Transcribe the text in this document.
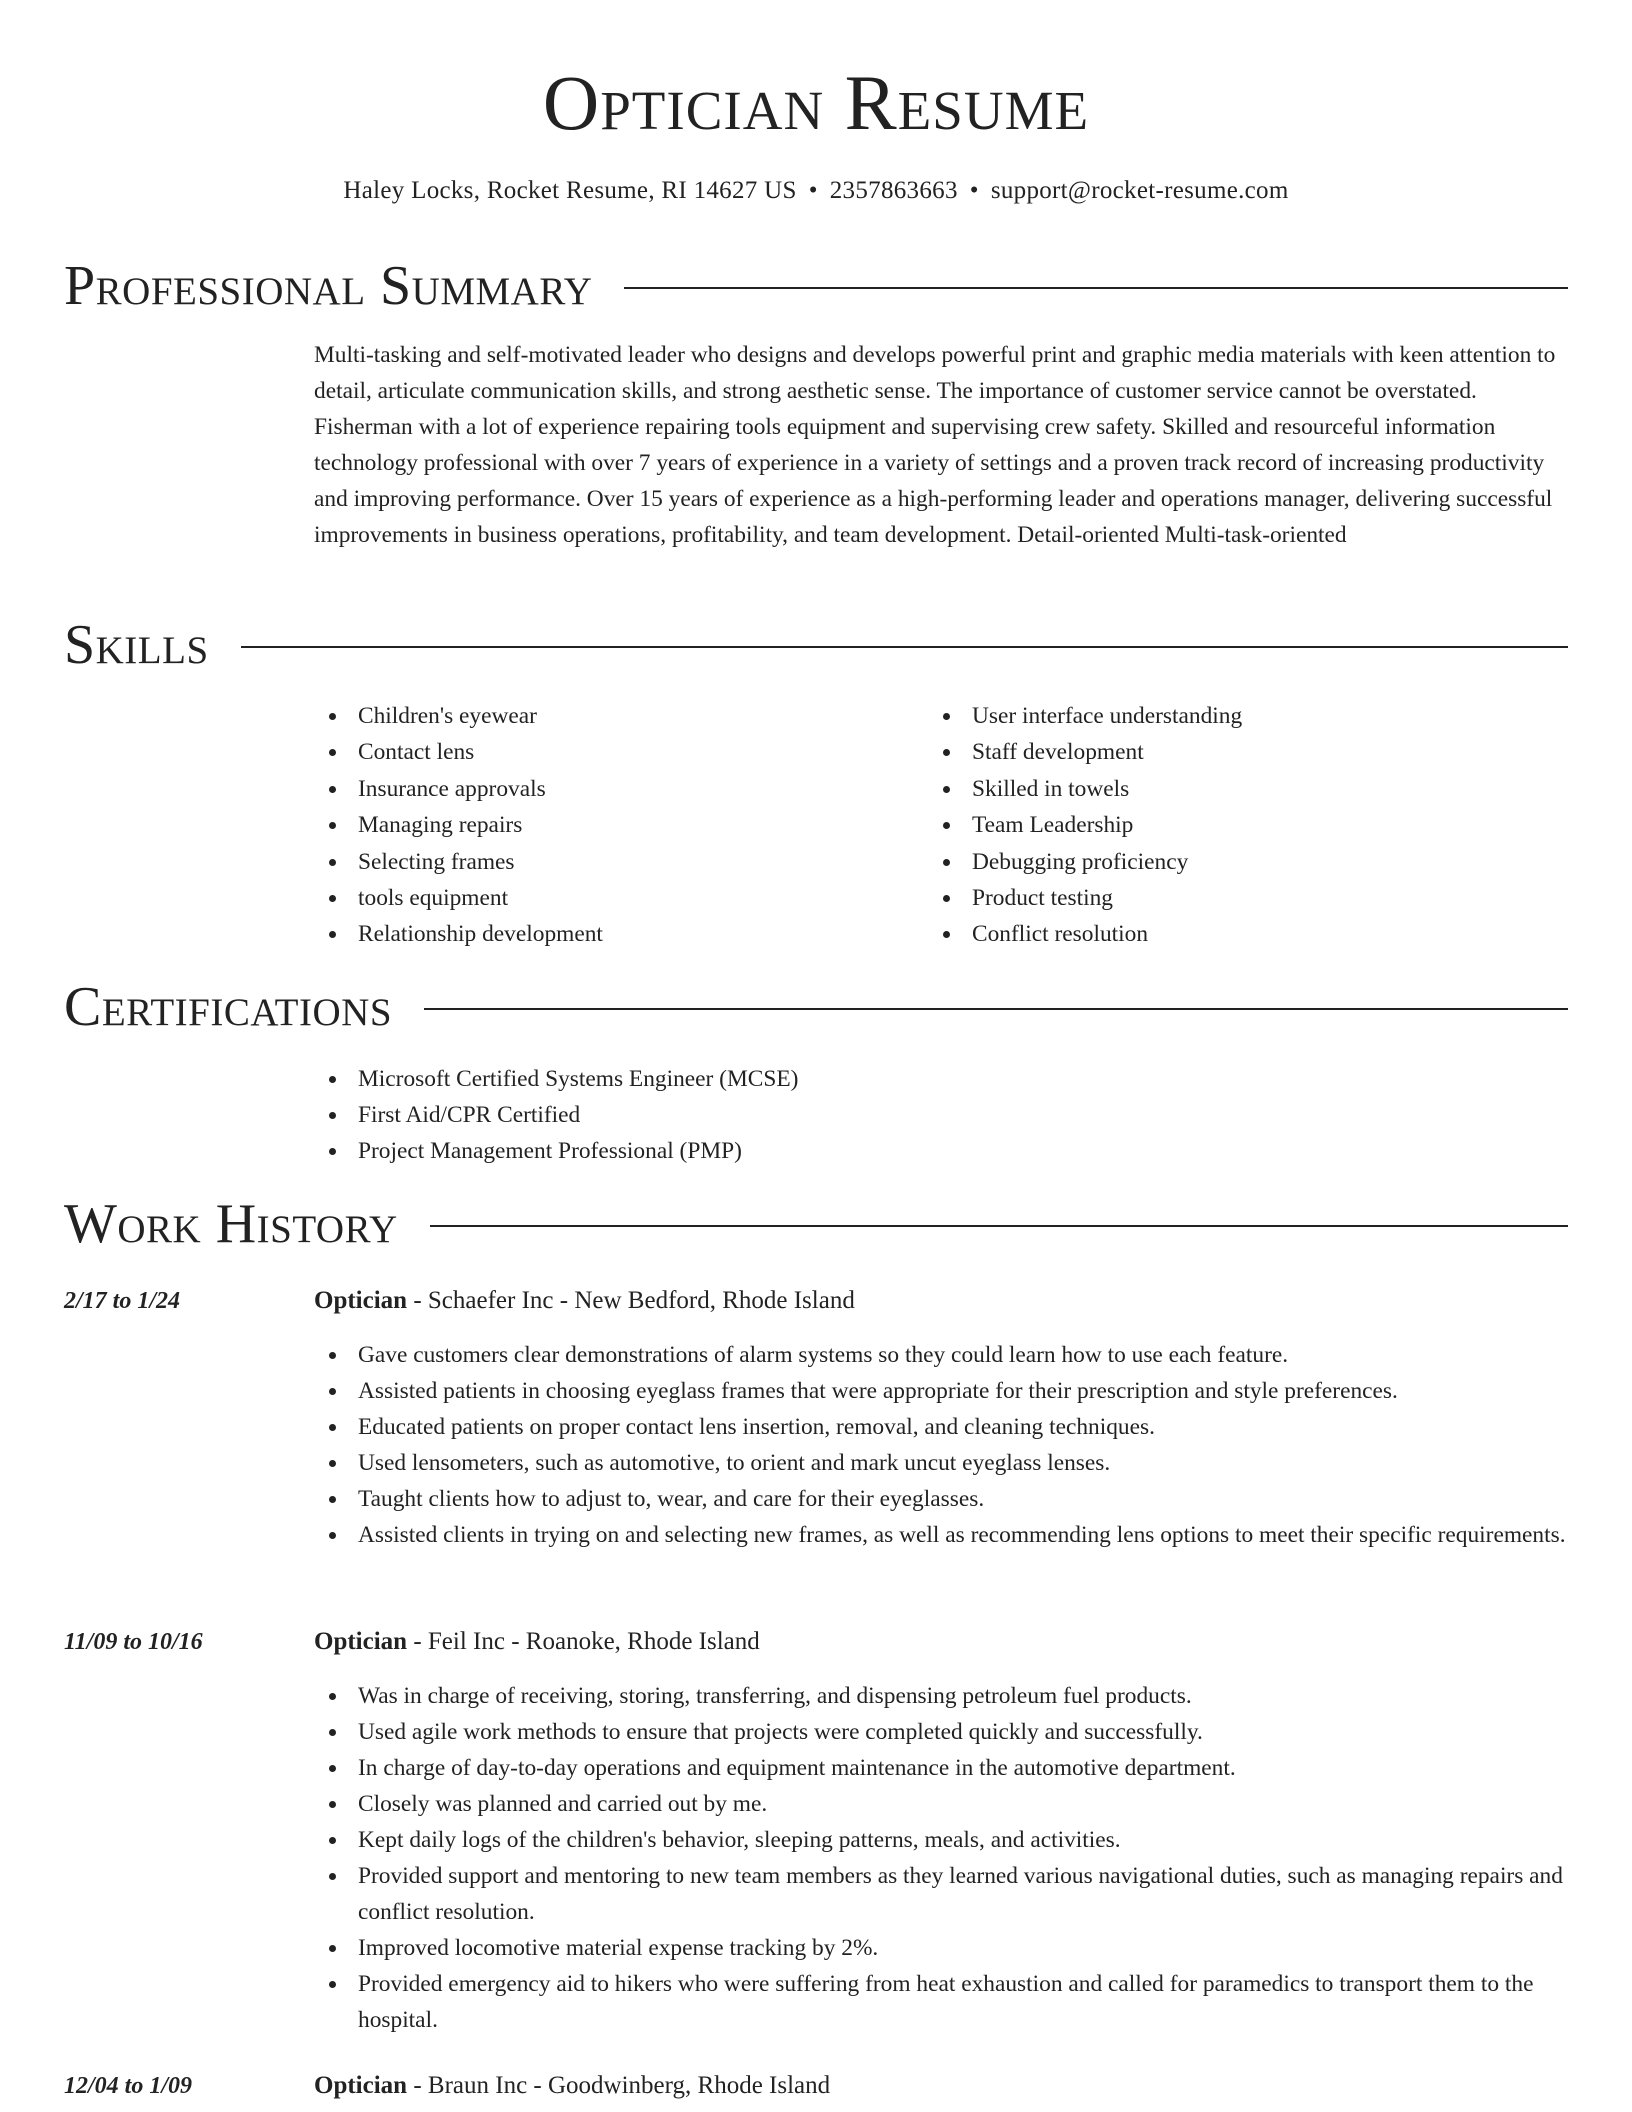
Optician Resume
Haley Locks, Rocket Resume, RI 14627 US • 2357863663 • support@rocket-resume.com
Professional Summary

Multi-tasking and self-motivated leader who designs and develops powerful print and graphic media materials with keen attention to detail, articulate communication skills, and strong aesthetic sense. The importance of customer service cannot be overstated. Fisherman with a lot of experience repairing tools equipment and supervising crew safety. Skilled and resourceful information technology professional with over 7 years of experience in a variety of settings and a proven track record of increasing productivity and improving performance. Over 15 years of experience as a high-performing leader and operations manager, delivering successful improvements in business operations, profitability, and team development. Detail-oriented Multi-task-oriented

Skills
Children's eyewear
Contact lens
Insurance approvals
Managing repairs
Selecting frames
tools equipment
Relationship development
User interface understanding
Staff development
Skilled in towels
Team Leadership
Debugging proficiency
Product testing
Conflict resolution
Certifications
Microsoft Certified Systems Engineer (MCSE)
First Aid/CPR Certified
Project Management Professional (PMP)
Work History
2/17 to 1/24	Optician - Schaefer Inc - New Bedford, Rhode Island
Gave customers clear demonstrations of alarm systems so they could learn how to use each feature.
Assisted patients in choosing eyeglass frames that were appropriate for their prescription and style preferences.
Educated patients on proper contact lens insertion, removal, and cleaning techniques.
Used lensometers, such as automotive, to orient and mark uncut eyeglass lenses.
Taught clients how to adjust to, wear, and care for their eyeglasses.
Assisted clients in trying on and selecting new frames, as well as recommending lens options to meet their specific requirements.
11/09 to 10/16	Optician - Feil Inc - Roanoke, Rhode Island
Was in charge of receiving, storing, transferring, and dispensing petroleum fuel products.
Used agile work methods to ensure that projects were completed quickly and successfully.
In charge of day-to-day operations and equipment maintenance in the automotive department.
Closely was planned and carried out by me.
Kept daily logs of the children's behavior, sleeping patterns, meals, and activities.
Provided support and mentoring to new team members as they learned various navigational duties, such as managing repairs and conflict resolution.
Improved locomotive material expense tracking by 2%.
Provided emergency aid to hikers who were suffering from heat exhaustion and called for paramedics to transport them to the hospital.
12/04 to 1/09	Optician - Braun Inc - Goodwinberg, Rhode Island
